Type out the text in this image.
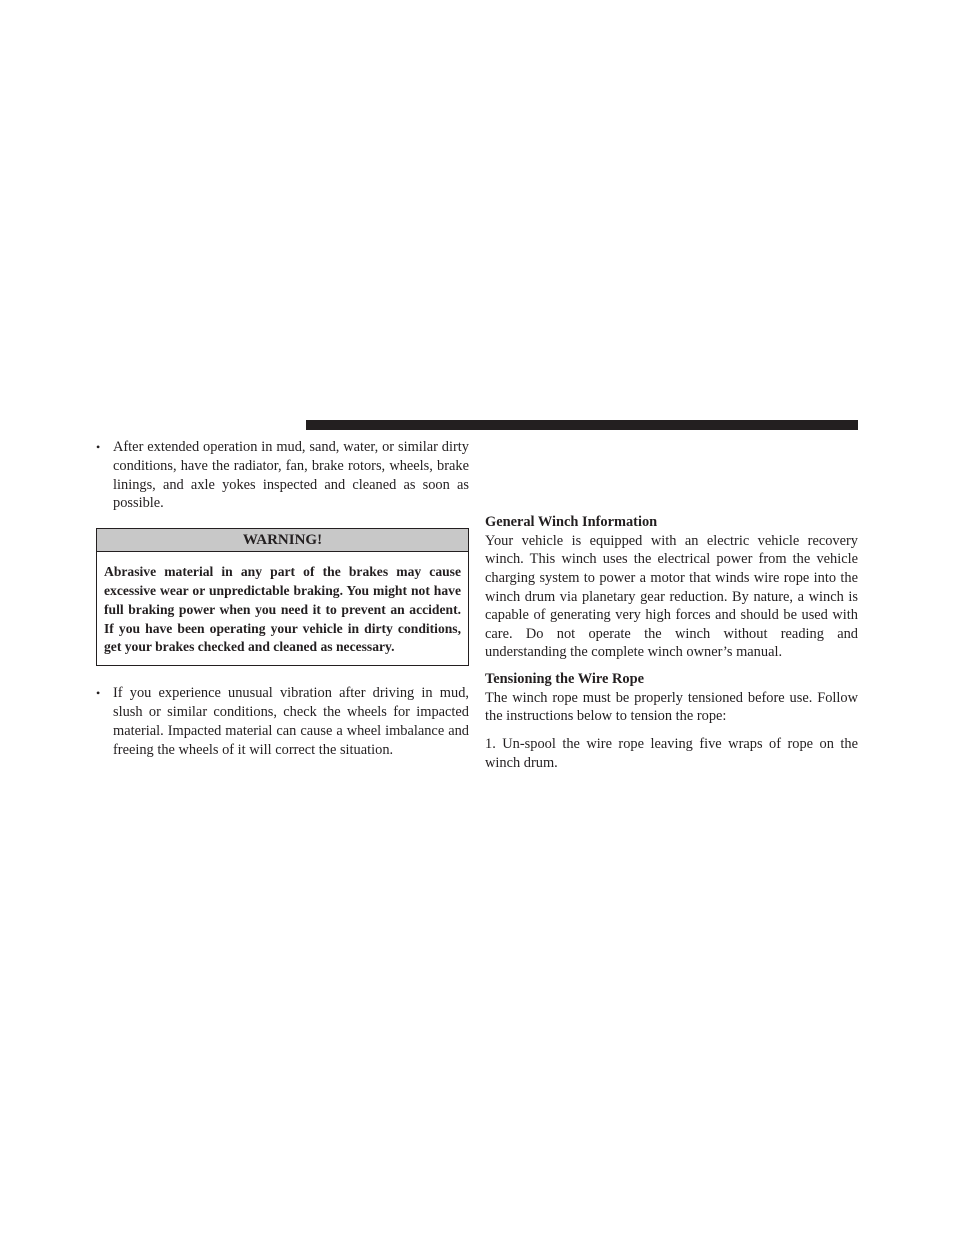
• After extended operation in mud, sand, water, or similar dirty conditions, have the radiator, fan, brake rotors, wheels, brake linings, and axle yokes inspected and cleaned as soon as possible.
WARNING!
Abrasive material in any part of the brakes may cause excessive wear or unpredictable braking. You might not have full braking power when you need it to prevent an accident. If you have been operating your vehicle in dirty conditions, get your brakes checked and cleaned as necessary.
• If you experience unusual vibration after driving in mud, slush or similar conditions, check the wheels for impacted material. Impacted material can cause a wheel imbalance and freeing the wheels of it will correct the situation.
General Winch Information
Your vehicle is equipped with an electric vehicle recovery winch. This winch uses the electrical power from the vehicle charging system to power a motor that winds wire rope into the winch drum via planetary gear reduction. By nature, a winch is capable of generating very high forces and should be used with care. Do not operate the winch without reading and understanding the complete winch owner’s manual.
Tensioning the Wire Rope
The winch rope must be properly tensioned before use. Follow the instructions below to tension the rope:
1. Un-spool the wire rope leaving five wraps of rope on the winch drum.
